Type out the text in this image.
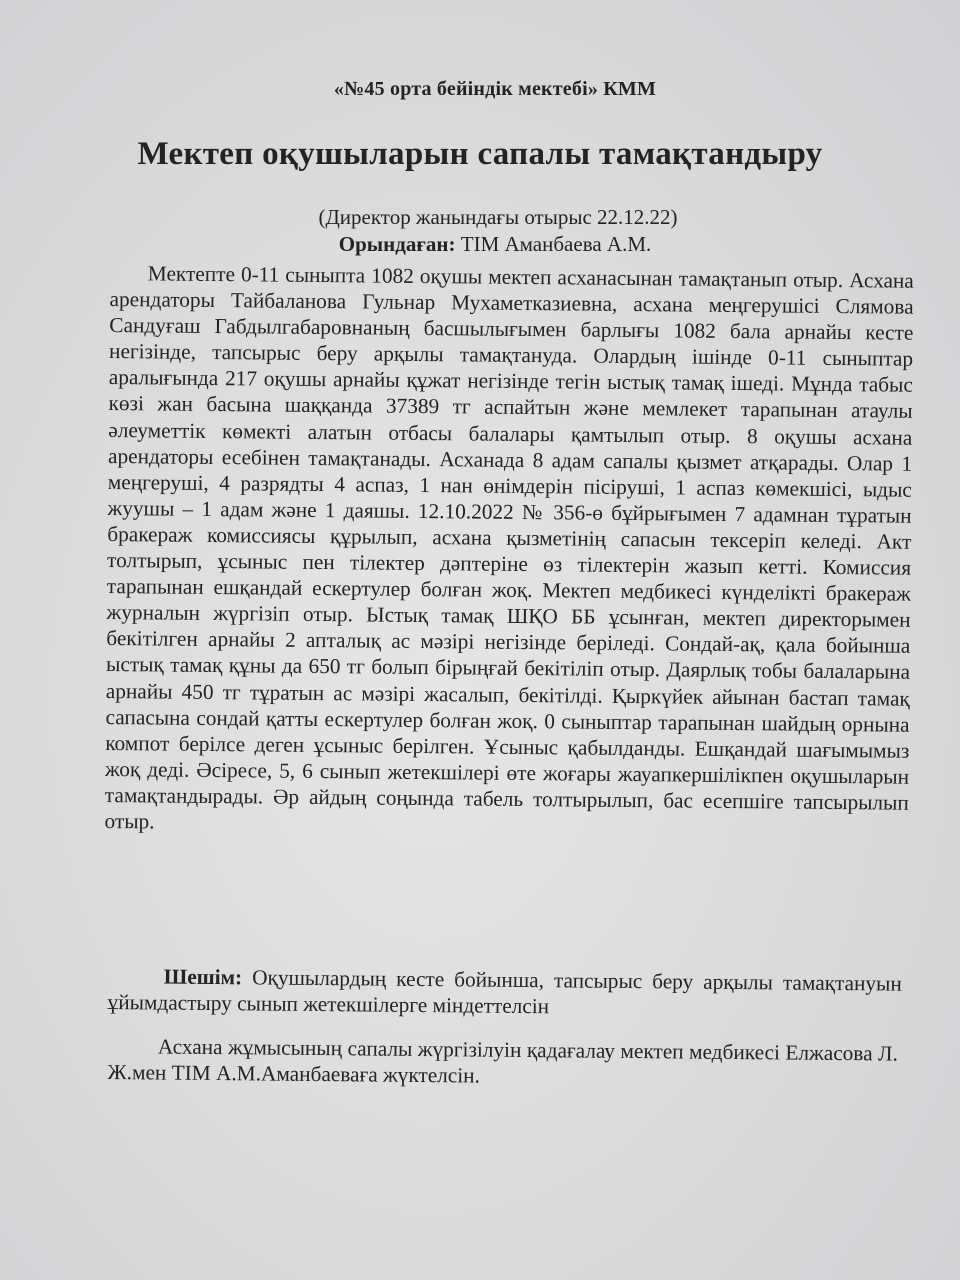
«№45 орта бейіндік мектебі» КММ
Мектеп оқушыларын сапалы тамақтандыру
(Директор жанындағы отырыс 22.12.22)
Орындаған: ТІМ Аманбаева А.М.

Мектепте 0-11 сыныпта 1082 оқушы мектеп асханасынан тамақтанып отыр. Асхана арендаторы Тайбаланова Гульнар Мухаметказиевна, асхана меңгерушісі Слямова Сандуғаш Габдылгабаровнаның басшылығымен барлығы 1082 бала арнайы кесте негізінде, тапсырыс беру арқылы тамақтануда. Олардың ішінде 0-11 сыныптар аралығында 217 оқушы арнайы құжат негізінде тегін ыстық тамақ ішеді. Мұнда табыс көзі жан басына шаққанда 37389 тг аспайтын және мемлекет тарапынан атаулы әлеуметтік көмекті алатын отбасы балалары қамтылып отыр. 8 оқушы асхана арендаторы есебінен тамақтанады. Асханада 8 адам сапалы қызмет атқарады. Олар 1 меңгеруші, 4 разрядты 4 аспаз, 1 нан өнімдерін пісіруші, 1 аспаз көмекшісі, ыдыс жуушы – 1 адам және 1 даяшы. 12.10.2022 № 356-ө бұйрығымен 7 адамнан тұратын бракераж комиссиясы құрылып, асхана қызметінің сапасын тексеріп келеді. Акт толтырып, ұсыныс пен тілектер дәптеріне өз тілектерін жазып кетті. Комиссия тарапынан ешқандай ескертулер болған жоқ. Мектеп медбикесі күнделікті бракераж журналын жүргізіп отыр. Ыстық тамақ ШҚО ББ ұсынған, мектеп директорымен бекітілген арнайы 2 апталық ас мәзірі негізінде беріледі. Сондай-ақ, қала бойынша ыстық тамақ құны да 650 тг болып бірыңғай бекітіліп отыр. Даярлық тобы балаларына арнайы 450 тг тұратын ас мәзірі жасалып, бекітілді. Қыркүйек айынан бастап тамақ сапасына сондай қатты ескертулер болған жоқ. 0 сыныптар тарапынан шайдың орнына компот берілсе деген ұсыныс берілген. Ұсыныс қабылданды. Ешқандай шағымымыз жоқ деді. Әсіресе, 5, 6 сынып жетекшілері өте жоғары жауапкершілікпен оқушыларын тамақтандырады. Әр айдың соңында табель толтырылып, бас есепшіге тапсырылып отыр.

Шешім: Оқушылардың кесте бойынша, тапсырыс беру арқылы тамақтануын ұйымдастыру сынып жетекшілерге міндеттелсін

Асхана жұмысының сапалы жүргізілуін қадағалау мектеп медбикесі Елжасова Л. Ж.мен ТІМ А.М.Аманбаеваға жүктелсін.
